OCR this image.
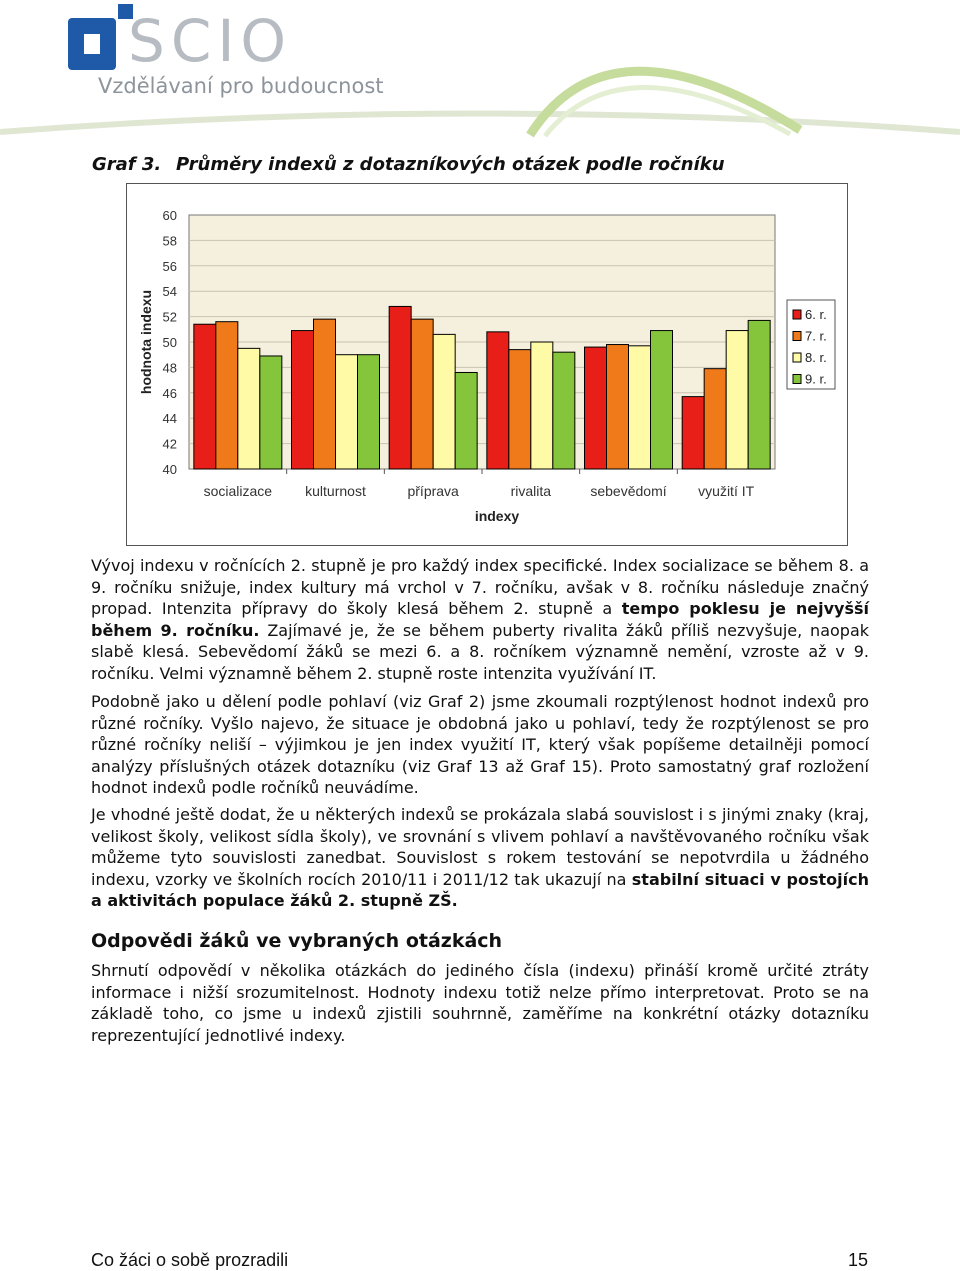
SCIO
Vzdělávaní pro budoucnost
Graf 3. Průměry indexů z dotazníkových otázek podle ročníku
60
58
56
54
52
50
48
46
44
42
40
hodnota indexu
socializace kulturnost	příprava	rivalita	sebevědomí využití IT
indexy
6. r.
7. r.
8. r.
9. r.
Vývoj indexu v ročnících 2. stupně je pro každý index specifické. Index socializace se během 8. a 9. ročníku snižuje, index kultury má vrchol v 7. ročníku, avšak v 8. ročníku následuje značný propad. Intenzita přípravy do školy klesá během 2. stupně a tempo poklesu je nejvyšší během 9. ročníku. Zajímavé je, že se během puberty rivalita žáků příliš nezvyšuje, naopak slabě klesá. Sebevědomí žáků se mezi 6. a 8. ročníkem významně nemění, vzroste až v 9. ročníku. Velmi významně během 2. stupně roste intenzita využívání IT.
Podobně jako u dělení podle pohlaví (viz Graf 2) jsme zkoumali rozptýlenost hodnot indexů pro různé ročníky. Vyšlo najevo, že situace je obdobná jako u pohlaví, tedy že rozptýlenost se pro různé ročníky neliší – výjimkou je jen index využití IT, který však popíšeme detailněji pomocí analýzy příslušných otázek dotazníku (viz Graf 13 až Graf 15). Proto samostatný graf rozložení hodnot indexů podle ročníků neuvádíme.
Je vhodné ještě dodat, že u některých indexů se prokázala slabá souvislost i s jinými znaky (kraj, velikost školy, velikost sídla školy), ve srovnání s vlivem pohlaví a navštěvovaného ročníku však můžeme tyto souvislosti zanedbat. Souvislost s rokem testování se nepotvrdila u žádného indexu, vzorky ve školních rocích 2010/11 i 2011/12 tak ukazují na stabilní situaci v postojích a aktivitách populace žáků 2. stupně ZŠ.
Odpovědi žáků ve vybraných otázkách
Shrnutí odpovědí v několika otázkách do jediného čísla (indexu) přináší kromě určité ztráty informace i nižší srozumitelnost. Hodnoty indexu totiž nelze přímo interpretovat. Proto se na základě toho, co jsme u indexů zjistili souhrnně, zaměříme na konkrétní otázky dotazníku reprezentující jednotlivé indexy.
Co žáci o sobě prozradili	15
